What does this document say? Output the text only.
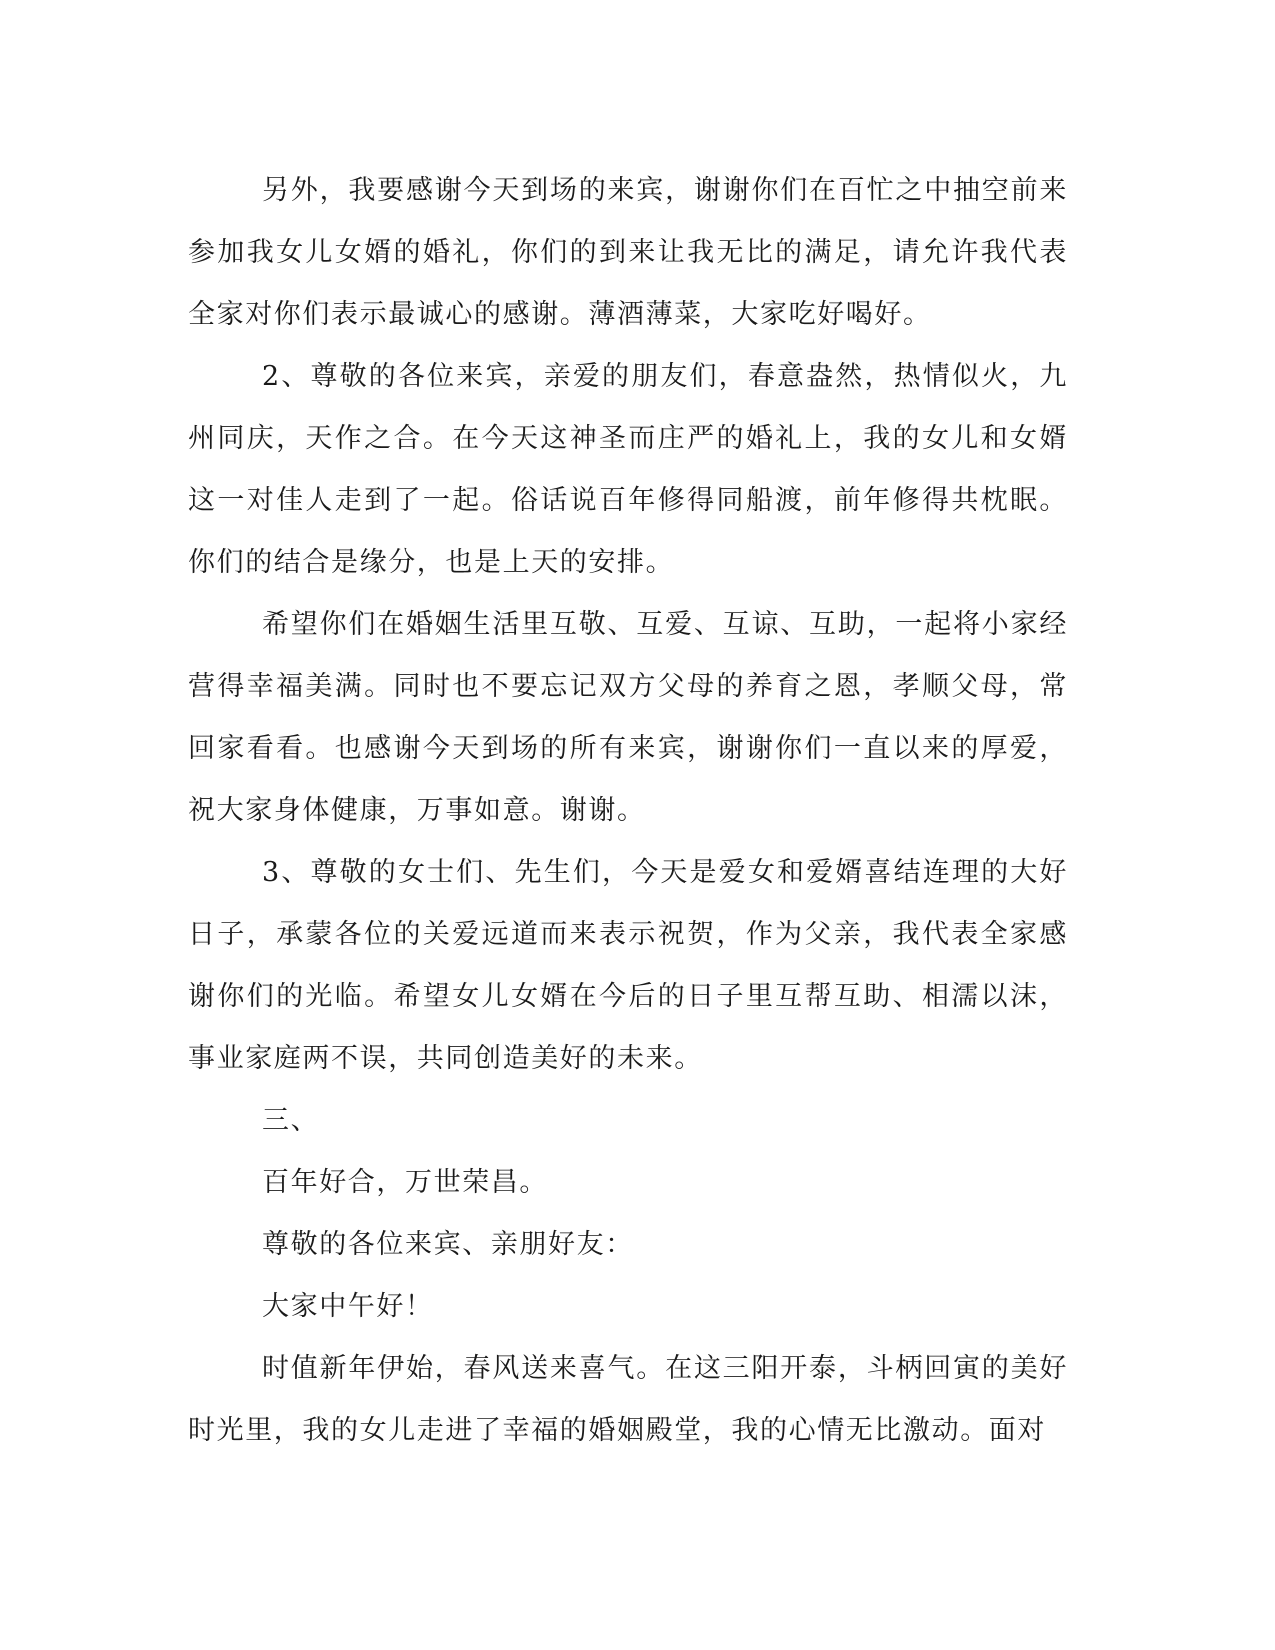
另外，我要感谢今天到场的来宾，谢谢你们在百忙之中抽空前来参加我女儿女婿的婚礼，你们的到来让我无比的满足，请允许我代表全家对你们表示最诚心的感谢。薄酒薄菜，大家吃好喝好。

2、尊敬的各位来宾，亲爱的朋友们，春意盎然，热情似火，九州同庆，天作之合。在今天这神圣而庄严的婚礼上，我的女儿和女婿这一对佳人走到了一起。俗话说百年修得同船渡，前年修得共枕眠。你们的结合是缘分，也是上天的安排。

希望你们在婚姻生活里互敬、互爱、互谅、互助，一起将小家经营得幸福美满。同时也不要忘记双方父母的养育之恩，孝顺父母，常回家看看。也感谢今天到场的所有来宾，谢谢你们一直以来的厚爱，祝大家身体健康，万事如意。谢谢。

3、尊敬的女士们、先生们，今天是爱女和爱婿喜结连理的大好日子，承蒙各位的关爱远道而来表示祝贺，作为父亲，我代表全家感谢你们的光临。希望女儿女婿在今后的日子里互帮互助、相濡以沫，事业家庭两不误，共同创造美好的未来。

三、

百年好合，万世荣昌。

尊敬的各位来宾、亲朋好友：

大家中午好！

时值新年伊始，春风送来喜气。在这三阳开泰，斗柄回寅的美好时光里，我的女儿走进了幸福的婚姻殿堂，我的心情无比激动。面对
